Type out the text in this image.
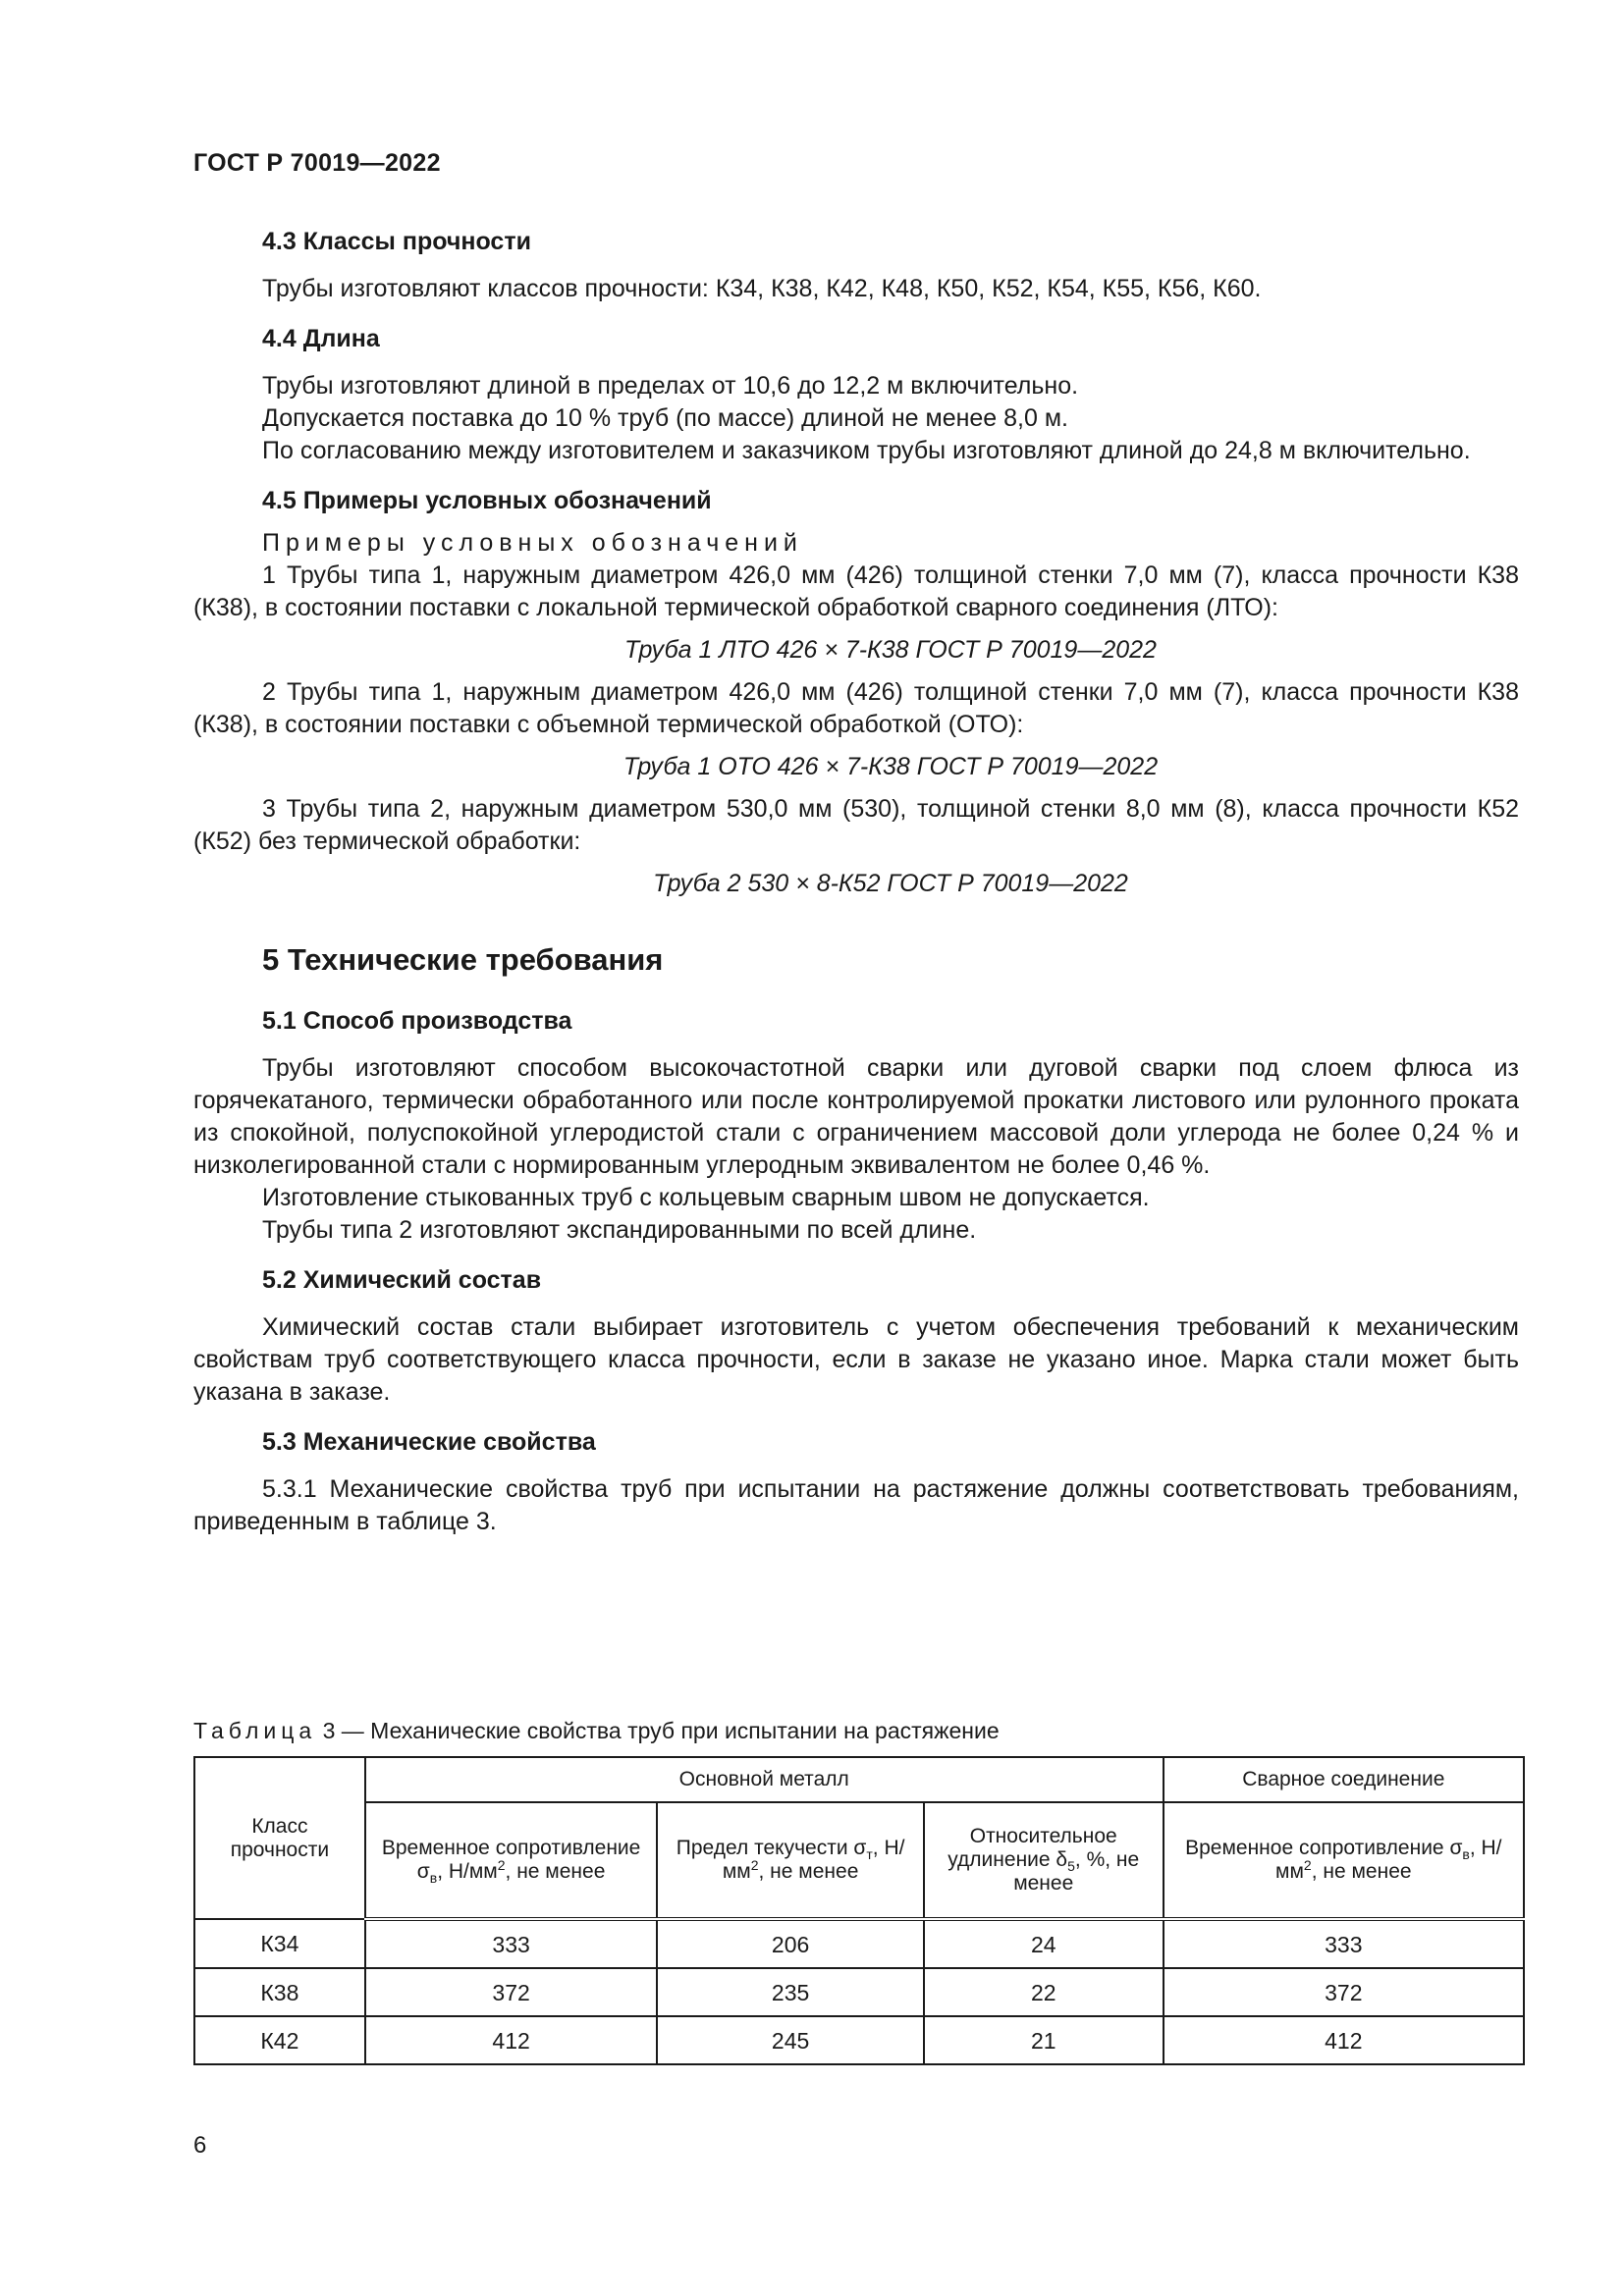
ГОСТ Р 70019—2022
4.3 Классы прочности

Трубы изготовляют классов прочности: К34, К38, К42, К48, К50, К52, К54, К55, К56, К60.

4.4 Длина

Трубы изготовляют длиной в пределах от 10,6 до 12,2 м включительно.

Допускается поставка до 10 % труб (по массе) длиной не менее 8,0 м.

По согласованию между изготовителем и заказчиком трубы изготовляют длиной до 24,8 м включительно.

4.5 Примеры условных обозначений

Примеры условных обозначений

1 Трубы типа 1, наружным диаметром 426,0 мм (426) толщиной стенки 7,0 мм (7), класса прочности К38 (К38), в состоянии поставки с локальной термической обработкой сварного соединения (ЛТО):

Труба 1 ЛТО 426 × 7-К38 ГОСТ Р 70019—2022

2 Трубы типа 1, наружным диаметром 426,0 мм (426) толщиной стенки 7,0 мм (7), класса прочности К38 (К38), в состоянии поставки с объемной термической обработкой (ОТО):

Труба 1 ОТО 426 × 7-К38 ГОСТ Р 70019—2022

3 Трубы типа 2, наружным диаметром 530,0 мм (530), толщиной стенки 8,0 мм (8), класса прочности К52 (К52) без термической обработки:

Труба 2 530 × 8-К52 ГОСТ Р 70019—2022

5 Технические требования
5.1 Способ производства

Трубы изготовляют способом высокочастотной сварки или дуговой сварки под слоем флюса из горячекатаного, термически обработанного или после контролируемой прокатки листового или рулонного проката из спокойной, полуспокойной углеродистой стали с ограничением массовой доли углерода не более 0,24 % и низколегированной стали с нормированным углеродным эквивалентом не более 0,46 %.

Изготовление стыкованных труб с кольцевым сварным швом не допускается.

Трубы типа 2 изготовляют экспандированными по всей длине.

5.2 Химический состав

Химический состав стали выбирает изготовитель с учетом обеспечения требований к механическим свойствам труб соответствующего класса прочности, если в заказе не указано иное. Марка стали может быть указана в заказе.

5.3 Механические свойства

5.3.1 Механические свойства труб при испытании на растяжение должны соответствовать требованиям, приведенным в таблице 3.

Таблица 3 — Механические свойства труб при испытании на растяжение
Класс прочности	Основной металл			Сварное соединение
	Временное сопротивление $\sigma_в$, $Н/мм^2$, не менее	Предел текучести $\sigma_т$, $Н/мм^2$, не менее	Относительное удлинение $\delta_5$, %, не менее	Временное сопротивление $\sigma_в$, $Н/мм^2$, не менее
К34	333	206	24	333
К38	372	235	22	372
К42	412	245	21	412
6
